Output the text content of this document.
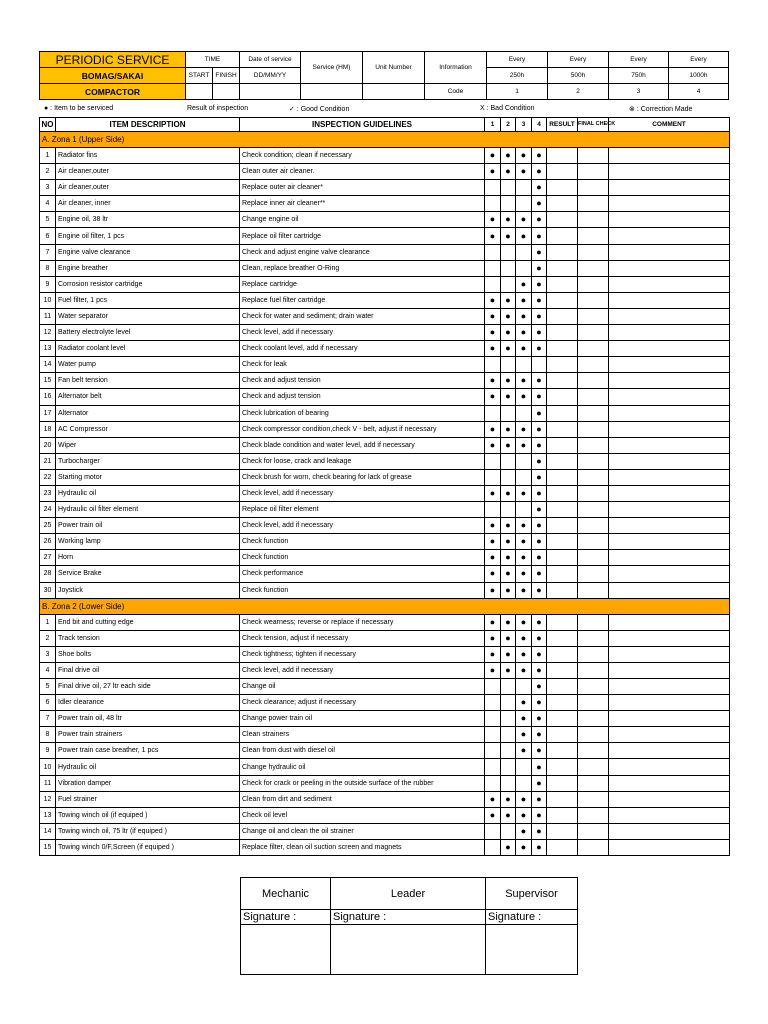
PERIODIC SERVICE	TIME		Date of service	Service (HM)	Unit Number	Information	Every	Every	Every	Every
BOMAG/SAKAI	START	FINISH	DD/MM/YY				250h	500h	750h	1000h
COMPACTOR						Code	1	2	3	4
● : Item to be serviced	Result of inspection	✓ : Good Condition	X : Bad Condition	⊗ : Correction Made
NO	ITEM DESCRIPTION	INSPECTION GUIDELINES	1	2	3	4	RESULT	FINAL CHECK	COMMENT
A. Zona 1 (Upper Side)									
1	Radiator fins	Check condition; clean if necessary	●	●	●	●			
2	Air cleaner,outer	Clean outer air cleaner.	●	●	●	●			
3	Air cleaner,outer	Replace outer air cleaner*				●			
4	Air cleaner, inner	Replace inner air cleaner**				●			
5	Engine oil, 38 ltr	Change engine oil	●	●	●	●			
6	Engine oil filter, 1 pcs	Replace oil filter cartridge	●	●	●	●			
7	Engine valve clearance	Check and adjust engine valve clearance				●			
8	Engine breather	Clean, replace breather O-Ring				●			
9	Corrosion resistor cartridge	Replace cartridge			●	●			
10	Fuel filter, 1 pcs	Replace fuel filter cartridge	●	●	●	●			
11	Water separator	Check for water and sediment; drain water	●	●	●	●			
12	Battery electrolyte level	Check level, add if necessary	●	●	●	●			
13	Radiator coolant level	Check coolant level, add if necessary	●	●	●	●			
14	Water pump	Check for leak							
15	Fan belt tension	Check and adjust tension	●	●	●	●			
16	Alternator belt	Check and adjust tension	●	●	●	●			
17	Alternator	Check lubrication of bearing				●			
18	AC Compressor	Check compressor condition,check V - belt, adjust if necessary	●	●	●	●			
20	Wiper	Check blade condition and water level, add if necessary	●	●	●	●			
21	Turbocharger	Check for loose, crack and leakage				●			
22	Starting motor	Check brush for worn, check bearing for lack of grease				●			
23	Hydraulic oil	Check level, add if necessary	●	●	●	●			
24	Hydraulic oil filter element	Replace oil filter element				●			
25	Power train oil	Check level, add if necessary	●	●	●	●			
26	Working lamp	Check function	●	●	●	●			
27	Horn	Check function	●	●	●	●			
28	Service Brake	Check performance	●	●	●	●			
30	Joystick	Check function	●	●	●	●			
B. Zona 2 (Lower Side)									
1	End bit and cutting edge	Check wearness; reverse or replace if necessary	●	●	●	●			
2	Track tension	Check tension, adjust if necessary	●	●	●	●			
3	Shoe bolts	Check tightness; tighten if necessary	●	●	●	●			
4	Final drive oil	Check level, add if necessary	●	●	●	●			
5	Final drive oil, 27 ltr each side	Change oil				●			
6	Idler clearance	Check clearance; adjust if necessary			●	●			
7	Power train oil, 48 ltr	Change power train oil			●	●			
8	Power train strainers	Clean strainers			●	●			
9	Power train case breather, 1 pcs	Clean from dust with diesel oil			●	●			
10	Hydraulic oil	Change hydraulic oil				●			
11	Vibration damper	Check for crack or peeling in the outside surface of the rubber				●			
12	Fuel strainer	Clean from dirt and sediment	●	●	●	●			
13	Towing winch oil (if equiped )	Check oil level	●	●	●	●			
14	Towing winch oil, 75 ltr (if equiped )	Change oil and clean the oil strainer			●	●			
15	Towing winch 0/F,Screen (if equiped )	Replace filter, clean oil suction screen and magnets		●	●	●			
Mechanic	Leader	Supervisor
Signature :	Signature :	Signature :
